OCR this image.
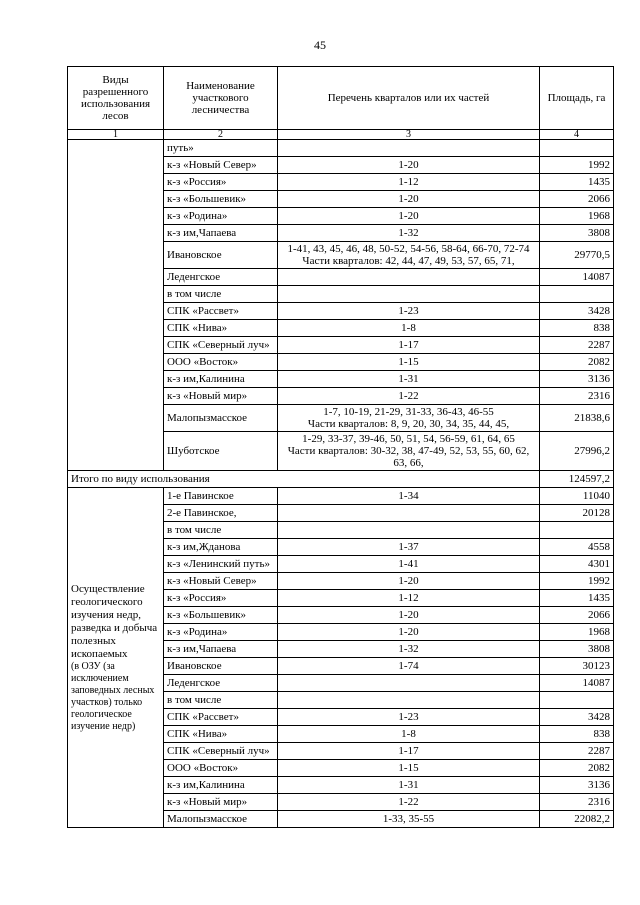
45
Виды разрешенного использования лесов	Наименование участкового лесничества	Перечень кварталов или их частей	Площадь, га
1	2	3	4
	путь»		
	к-з «Новый Север»	1-20	1992
	к-з «Россия»	1-12	1435
	к-з «Большевик»	1-20	2066
	к-з «Родина»	1-20	1968
	к-з им,Чапаева	1-32	3808
	Ивановское	1-41, 43, 45, 46, 48, 50-52, 54-56, 58-64, 66-70, 72-74
Части кварталов: 42, 44, 47, 49, 53, 57, 65, 71,	29770,5
	Леденгское		14087
	в том числе		
	СПК «Рассвет»	1-23	3428
	СПК «Нива»	1-8	838
	СПК «Северный луч»	1-17	2287
	ООО «Восток»	1-15	2082
	к-з им,Калинина	1-31	3136
	к-з «Новый мир»	1-22	2316
	Малопызмасское	1-7, 10-19, 21-29, 31-33, 36-43, 46-55
Части кварталов: 8, 9, 20, 30, 34, 35, 44, 45,	21838,6
	Шуботское	1-29, 33-37, 39-46, 50, 51, 54, 56-59, 61, 64, 65
Части кварталов: 30-32, 38, 47-49, 52, 53, 55, 60, 62, 63, 66,	27996,2
Итого по виду использования			124597,2

Осуществление геологического изучения недр, разведка и добыча полезных ископаемых
(в ОЗУ (за исключением заповедных лесных участков) только геологическое изучение недр)	1-е Павинское	1-34	11040
	2-е Павинское,		20128
	в том числе		
	к-з им,Жданова	1-37	4558
	к-з «Ленинский путь»	1-41	4301
	к-з «Новый Север»	1-20	1992
	к-з «Россия»	1-12	1435
	к-з «Большевик»	1-20	2066
	к-з «Родина»	1-20	1968
	к-з им,Чапаева	1-32	3808
	Ивановское	1-74	30123
	Леденгское		14087
	в том числе		
	СПК «Рассвет»	1-23	3428
	СПК «Нива»	1-8	838
	СПК «Северный луч»	1-17	2287
	ООО «Восток»	1-15	2082
	к-з им,Калинина	1-31	3136
	к-з «Новый мир»	1-22	2316
	Малопызмасское	1-33, 35-55	22082,2
